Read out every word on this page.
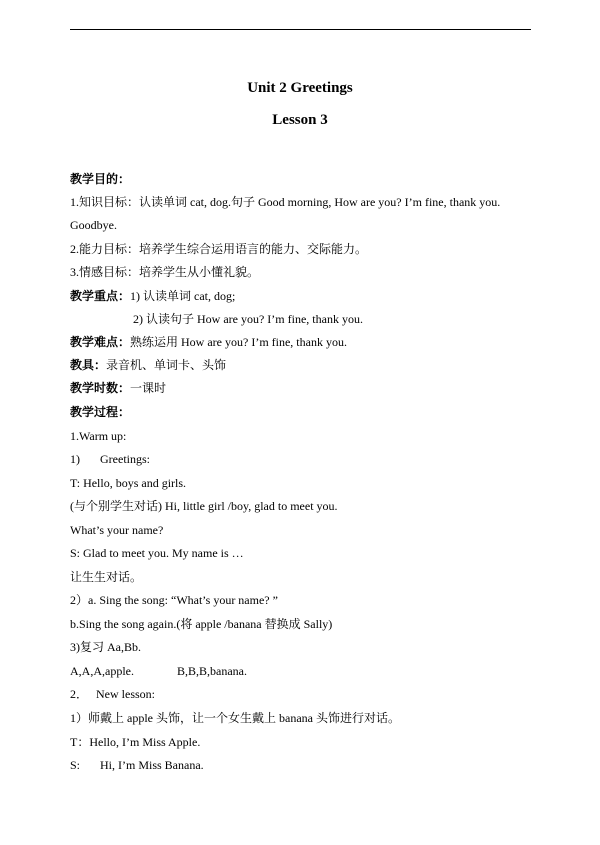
Unit 2 Greetings
Lesson 3
教学目的：
1.知识目标：认读单词 cat, dog.句子 Good morning, How are you? I’m fine, thank you.
Goodbye.
2.能力目标：培养学生综合运用语言的能力、交际能力。
3.情感目标：培养学生从小懂礼貌。
教学重点：1) 认读单词 cat, dog;
2) 认读句子 How are you? I’m fine, thank you.
教学难点：熟练运用 How are you? I’m fine, thank you.
教具：录音机、单词卡、头饰
教学时数：一课时
教学过程：
1.Warm up:
1) Greetings:
T: Hello, boys and girls.
(与个别学生对话) Hi, little girl /boy, glad to meet you.
What’s your name?
S: Glad to meet you. My name is …
让生生对话。
2）a. Sing the song: “What’s your name? ”
b.Sing the song again.(将 apple /banana 替换成 Sally)
3)复习 Aa,Bb.
A,A,A,apple.	B,B,B,banana.
2． New lesson:
1）师戴上 apple 头饰，让一个女生戴上 banana 头饰进行对话。
T：Hello, I’m Miss Apple.
S: Hi, I’m Miss Banana.
